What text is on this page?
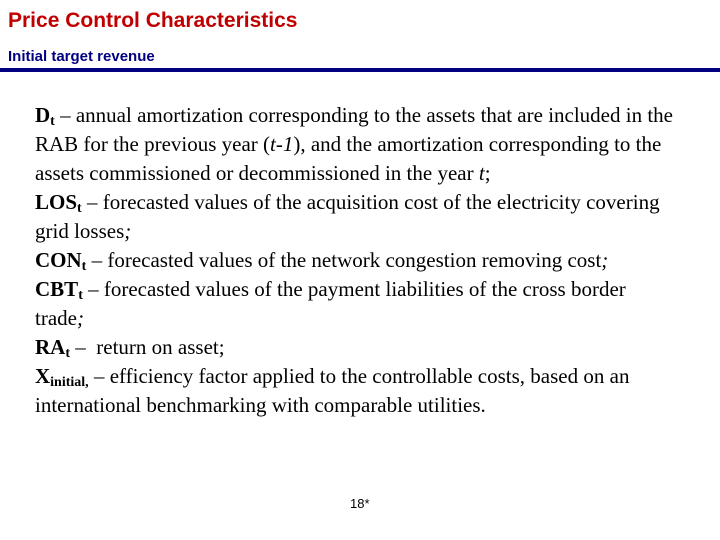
Price Control Characteristics
Initial target revenue

$D_t$ – annual amortization corresponding to the assets that are included in the RAB for the previous year (t-1), and the amortization corresponding to the assets commissioned or decommissioned in the year t;

$LOS_t$ – forecasted values of the acquisition cost of the electricity covering grid losses;

$CON_t$ – forecasted values of the network congestion removing cost;

$CBT_t$ – forecasted values of the payment liabilities of the cross border trade;

$RA_t$ –  return on asset;

$X_{initial,}$ – efficiency factor applied to the controllable costs, based on an international benchmarking with comparable utilities.

18*
